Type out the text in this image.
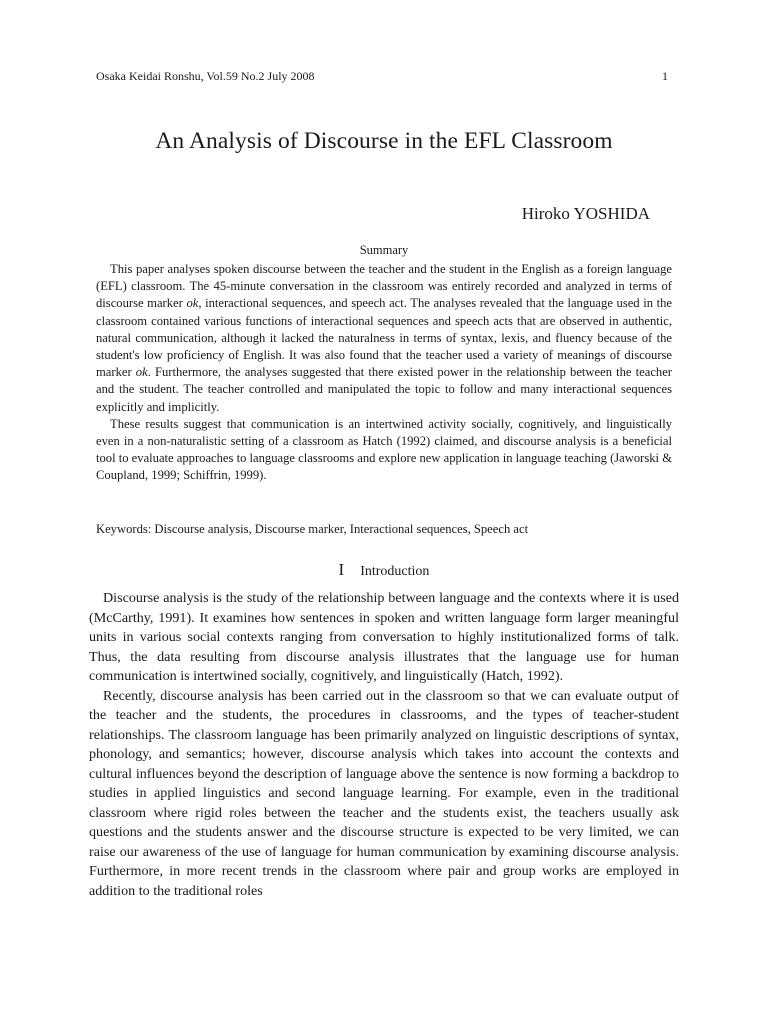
Osaka Keidai Ronshu, Vol.59 No.2 July 2008	1
An Analysis of Discourse in the EFL Classroom
Hiroko YOSHIDA
Summary

This paper analyses spoken discourse between the teacher and the student in the English as a foreign language (EFL) classroom. The 45-minute conversation in the classroom was entirely recorded and analyzed in terms of discourse marker ok, interactional sequences, and speech act. The analyses revealed that the language used in the classroom contained various functions of interactional sequences and speech acts that are observed in authentic, natural communication, although it lacked the naturalness in terms of syntax, lexis, and fluency because of the student's low proficiency of English. It was also found that the teacher used a variety of meanings of discourse marker ok. Furthermore, the analyses suggested that there existed power in the relationship between the teacher and the student. The teacher controlled and manipulated the topic to follow and many interactional sequences explicitly and implicitly.

These results suggest that communication is an intertwined activity socially, cognitively, and linguistically even in a non-naturalistic setting of a classroom as Hatch (1992) claimed, and discourse analysis is a beneficial tool to evaluate approaches to language classrooms and explore new application in language teaching (Jaworski & Coupland, 1999; Schiffrin, 1999).

Keywords: Discourse analysis, Discourse marker, Interactional sequences, Speech act
I Introduction

Discourse analysis is the study of the relationship between language and the contexts where it is used (McCarthy, 1991). It examines how sentences in spoken and written language form larger meaningful units in various social contexts ranging from conversation to highly institutionalized forms of talk. Thus, the data resulting from discourse analysis illustrates that the language use for human communication is intertwined socially, cognitively, and linguistically (Hatch, 1992).

Recently, discourse analysis has been carried out in the classroom so that we can evaluate output of the teacher and the students, the procedures in classrooms, and the types of teacher-student relationships. The classroom language has been primarily analyzed on linguistic descriptions of syntax, phonology, and semantics; however, discourse analysis which takes into account the contexts and cultural influences beyond the description of language above the sentence is now forming a backdrop to studies in applied linguistics and second language learning. For example, even in the traditional classroom where rigid roles between the teacher and the students exist, the teachers usually ask questions and the students answer and the discourse structure is expected to be very limited, we can raise our awareness of the use of language for human communication by examining discourse analysis. Furthermore, in more recent trends in the classroom where pair and group works are employed in addition to the traditional roles
